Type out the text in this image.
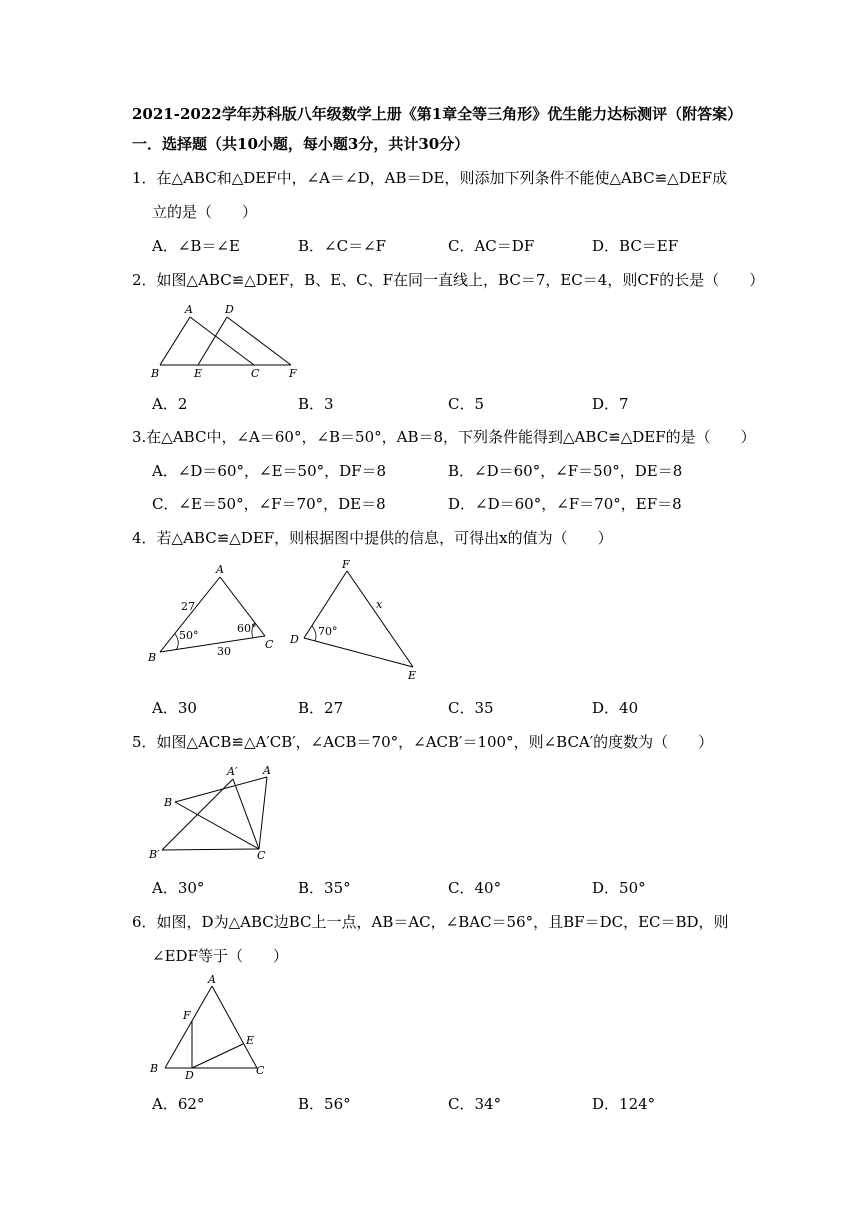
2021-2022学年苏科版八年级数学上册《第1章全等三角形》优生能力达标测评（附答案）
一．选择题（共10小题，每小题3分，共计30分）
1．在△ABC和△DEF中，∠A＝∠D，AB＝DE，则添加下列条件不能使△ABC≌△DEF成
立的是（　　）
A．∠B＝∠E	B．∠C＝∠F	C．AC＝DF	D．BC＝EF
2．如图△ABC≌△DEF，B、E、C、F在同一直线上，BC＝7，EC＝4，则CF的长是（　　）
A	D
B	E	C	F
A．2	B．3	C．5	D．7
3.在△ABC中，∠A＝60°，∠B＝50°，AB＝8，下列条件能得到△ABC≌△DEF的是（　　）
A．∠D＝60°，∠E＝50°，DF＝8	B．∠D＝60°，∠F＝50°，DE＝8
C．∠E＝50°，∠F＝70°，DE＝8	D．∠D＝60°，∠F＝70°，EF＝8
4．若△ABC≌△DEF，则根据图中提供的信息，可得出x的值为（　　）
A
B
C
27
50°
60°
30
F
D
E
x
70°
A．30	B．27	C．35	D．40
5．如图△ACB≌△A′CB′，∠ACB＝70°，∠ACB′＝100°，则∠BCA′的度数为（　　）
A′ A
B
B′	C
A．30°	B．35°	C．40°	D．50°
6．如图，D为△ABC边BC上一点，AB＝AC，∠BAC＝56°，且BF＝DC，EC＝BD，则
∠EDF等于（　　）
A
F
E
B
D	C
A．62°	B．56°	C．34°	D．124°
